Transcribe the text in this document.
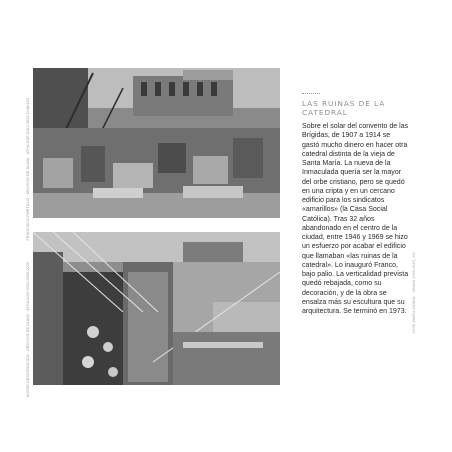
FRANCISCO PORTILLO · ARCHIVO DE ÁLAVA · ATHA-DAF-DIAZ-3002-O-M0103
AUTOR DESCONOCIDO · ARCHIVO DE ÁLAVA · ATHA-DAF-0001-0000-0000
LAS RUINAS DE LA CATEDRAL
Sobre el solar del convento de las Brígidas, de 1907 a 1914 se gastó mucho dinero en hacer otra catedral distinta de la vieja de Santa María. La nueva de la Inmaculada quería ser la mayor del orbe cristiano, pero se quedó en una cripta y en un cercano edificio para los sindicatos «amarillos» (la Casa Social Católica). Tras 32 años abandonado en el centro de la ciudad, entre 1946 y 1969 se hizo un esfuerzo por acabar el edificio que llamaban «las ruinas de la catedral». Lo inauguró Franco, bajo palio. La verticalidad prevista quedó rebajada, como su decoración, y de la obra se ensalza más su escultura que su arquitectura. Se terminó en 1973.	JOSÉ MARÍA MORAL · ARABA 1960-2019_111
